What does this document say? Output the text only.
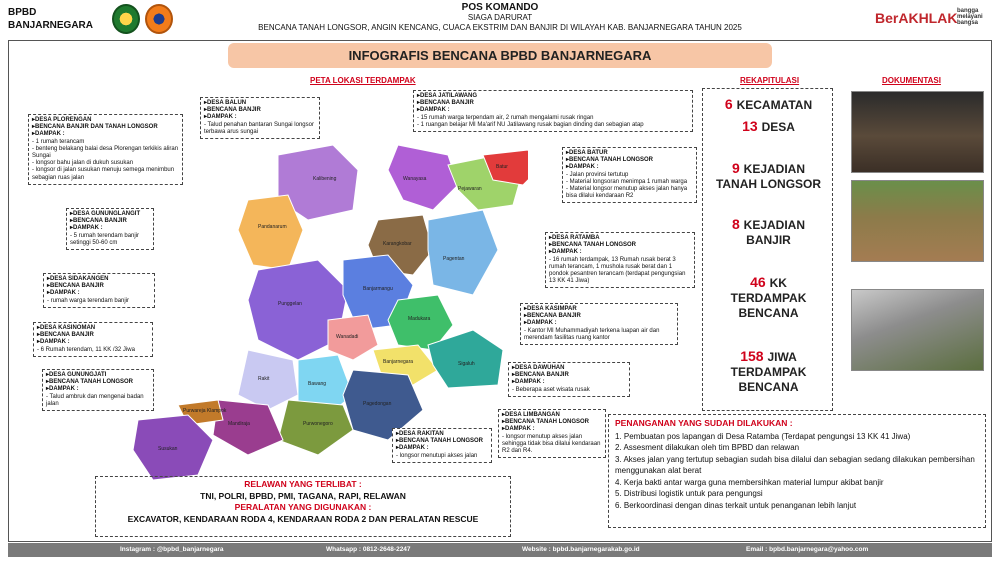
BPBD
BANJARNEGARA
POS KOMANDO
SIAGA DARURAT
BENCANA TANAH LONGSOR, ANGIN KENCANG, CUACA EKSTRIM DAN BANJIR DI WILAYAH KAB. BANJARNEGARA TAHUN 2025
BerAKHLAK bangga melayani bangsa
INFOGRAFIS BENCANA BPBD BANJARNEGARA
PETA LOKASI TERDAMPAK	REKAPITULASI	DOKUMENTASI
Kalibening
Pandanarum
Wanayasa
Pejawaran
Batur
Karangkobar
Pagentan
Punggelan
Banjarmangu
Wanadadi
Madukara
Banjarnegara	Sigaluh
Rakit
Bawang
Pagedongan
Purwonegoro
Mandiraja
Purwareja Klampok
Susukan
▸ DESA PLORENGAN
▸ BENCANA BANJIR DAN TANAH LONGSOR
▸ DAMPAK :
- 1 rumah terancam
- benteng belakang balai desa Plorengan terkikis aliran Sungai
- longsor bahu jalan di dukuh susukan
- longsor di jalan susukan menuju semega menimbun sebagian ruas jalan
▸ DESA BALUN
▸ BENCANA BANJIR
▸ DAMPAK :
- Talud penahan bantaran Sungai longsor terbawa arus sungai
▸ DESA JATILAWANG
▸ BENCANA BANJIR
▸ DAMPAK :
- 15 rumah warga terpendam air, 2 rumah mengalami rusak ringan
- 1 ruangan belajar MI Ma'arif NU Jatilawang rusak bagian dinding dan sebagian atap
▸ DESA BATUR
▸ BENCANA TANAH LONGSOR
▸ DAMPAK :
- Jalan provinsi tertutup
- Material longsoran menimpa 1 rumah warga
- Material longsor menutup akses jalan hanya bisa dilalui kendaraan R2
▸ DESA GUNUNGLANGIT
▸ BENCANA BANJIR
▸ DAMPAK :
- 5 rumah terendam banjir setinggi 50-60 cm
▸ DESA RATAMBA
▸ BENCANA TANAH LONGSOR
▸ DAMPAK :
- 16 rumah terdampak, 13 Rumah rusak berat 3 rumah terancam, 1 mushola rusak berat dan 1 pondok pesantren terancam (terdapat pengungsian 13 KK 41 Jiwa)
▸ DESA SIDAKANGEN
▸ BENCANA BANJIR
▸ DAMPAK :
- rumah warga terendam banjir
▸ DESA KASIMPAR
▸ BENCANA BANJIR
▸ DAMPAK :
- Kantor MI Muhammadiyah terkena luapan air dan merendam fasilitas ruang kantor
▸ DESA KASINOMAN
▸ BENCANA BANJIR
▸ DAMPAK :
- 6 Rumah terendam, 11 KK /32 Jiwa
▸ DESA DAWUHAN
▸ BENCANA BANJIR
▸ DAMPAK :
- Beberapa aset wisata rusak
▸ DESA GUNUNGJATI
▸ BENCANA TANAH LONGSOR
▸ DAMPAK :
- Talud ambruk dan mengenai badan jalan
▸ DESA LIMBANGAN
▸ BENCANA TANAH LONGSOR
▸ DAMPAK :
- longsor menutup akses jalan sehingga tidak bisa dilalui kendaraan R2 dan R4.
▸ DESA RAKITAN
▸ BENCANA TANAH LONGSOR
▸ DAMPAK :
- longsor menutupi akses jalan
6 KECAMATAN
13 DESA
9 KEJADIAN
TANAH LONGSOR
8 KEJADIAN
BANJIR
46 KK
TERDAMPAK
BENCANA
158 JIWA
TERDAMPAK
BENCANA
PENANGANAN YANG SUDAH DILAKUKAN :
1. Pembuatan pos lapangan di Desa Ratamba (Terdapat pengungsi 13 KK 41 Jiwa)
2. Assesment dilakukan oleh tim BPBD dan relawan
3. Akses jalan yang tertutup sebagian sudah bisa dilalui dan sebagian sedang dilakukan pembersihan menggunakan alat berat
4. Kerja bakti antar warga guna membersihkan material lumpur akibat banjir
5. Distribusi logistik untuk para pengungsi
6. Berkoordinasi dengan dinas terkait untuk penanganan lebih lanjut
RELAWAN YANG TERLIBAT :
TNI, POLRI, BPBD, PMI, TAGANA, RAPI, RELAWAN
PERALATAN YANG DIGUNAKAN :
EXCAVATOR, KENDARAAN RODA 4, KENDARAAN RODA 2 DAN PERALATAN RESCUE
Instagram : @bpbd_banjarnegara	Whatsapp : 0812-2648-2247	Website : bpbd.banjarnegarakab.go.id	Email : bpbd.banjarnegara@yahoo.com
